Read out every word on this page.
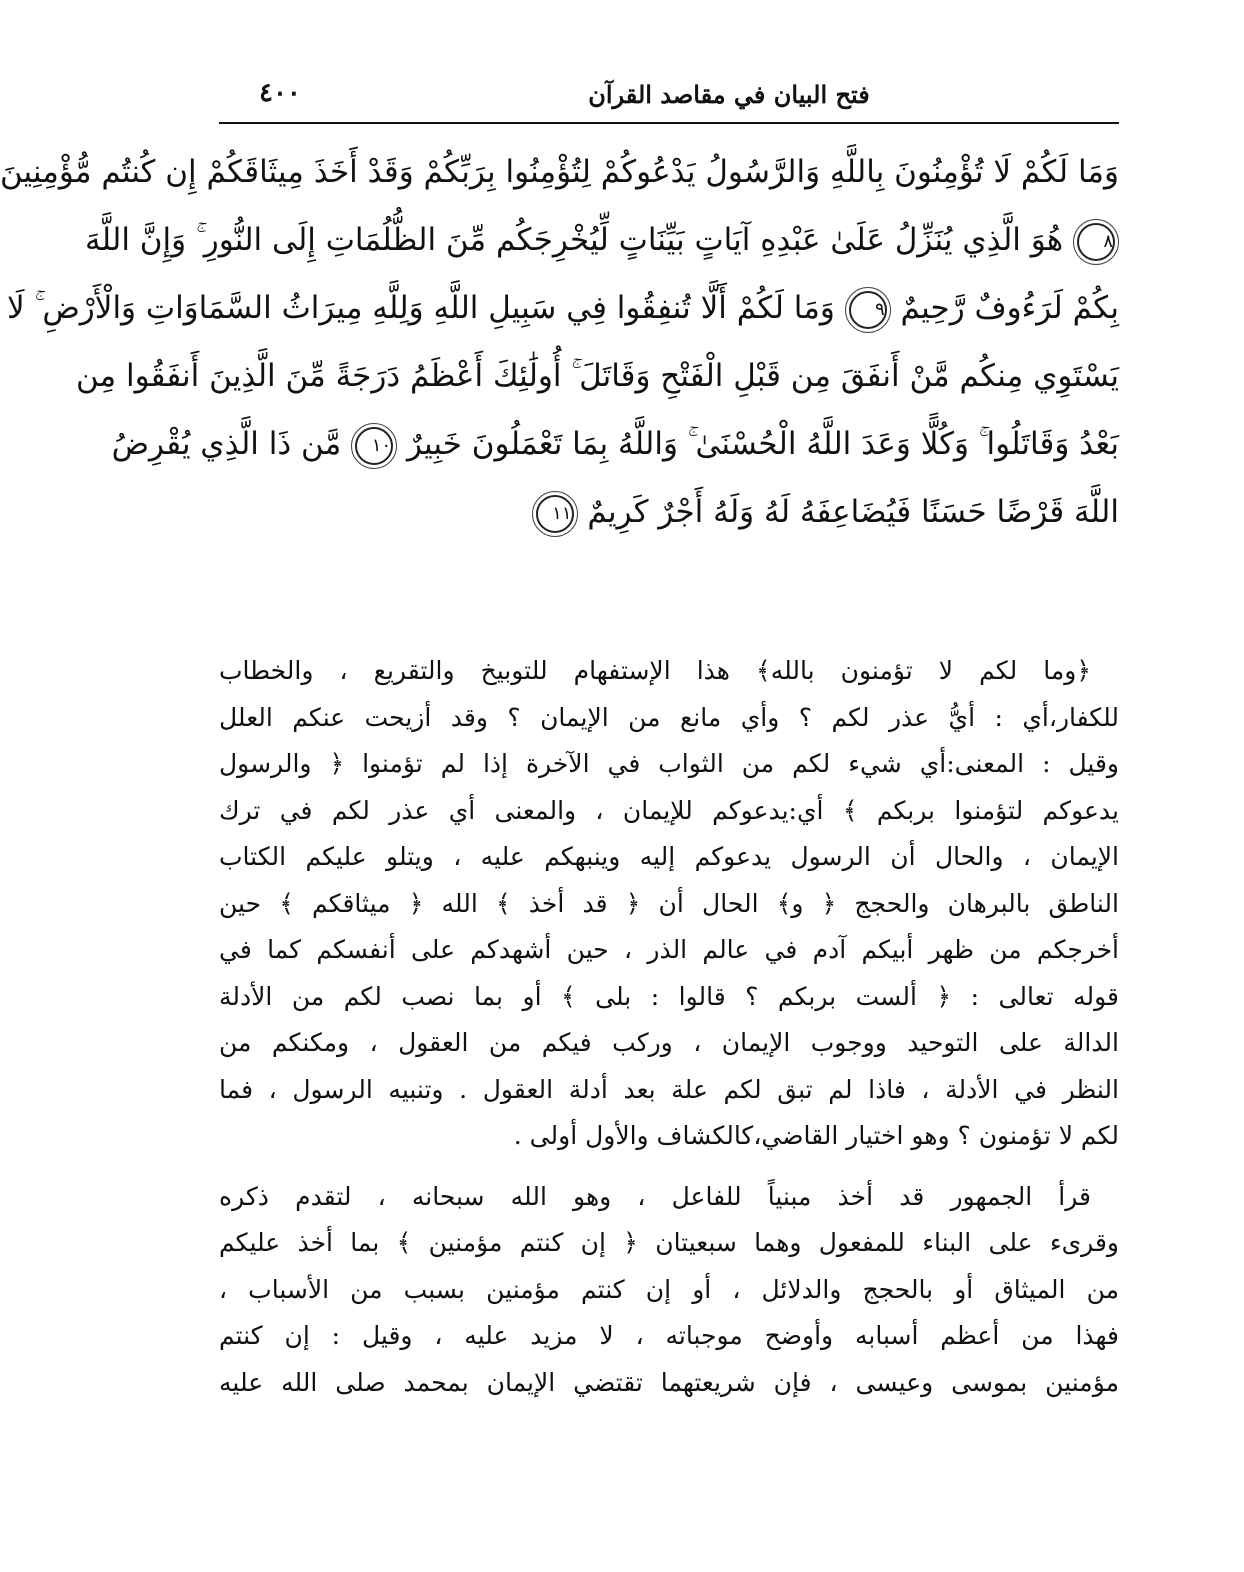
٤٠٠	فتح البيان في مقاصد القرآن
وَمَا لَكُمْ لَا تُؤْمِنُونَ بِاللَّهِ وَالرَّسُولُ يَدْعُوكُمْ لِتُؤْمِنُوا بِرَبِّكُمْ وَقَدْ أَخَذَ مِيثَاقَكُمْ إِن كُنتُم مُّؤْمِنِينَ
٨ هُوَ الَّذِي يُنَزِّلُ عَلَىٰ عَبْدِهِ آيَاتٍ بَيِّنَاتٍ لِّيُخْرِجَكُم مِّنَ الظُّلُمَاتِ إِلَى النُّورِ ۚ وَإِنَّ اللَّهَ
بِكُمْ لَرَءُوفٌ رَّحِيمٌ ٩ وَمَا لَكُمْ أَلَّا تُنفِقُوا فِي سَبِيلِ اللَّهِ وَلِلَّهِ مِيرَاثُ السَّمَاوَاتِ وَالْأَرْضِ ۚ لَا
يَسْتَوِي مِنكُم مَّنْ أَنفَقَ مِن قَبْلِ الْفَتْحِ وَقَاتَلَ ۚ أُولَٰئِكَ أَعْظَمُ دَرَجَةً مِّنَ الَّذِينَ أَنفَقُوا مِن
بَعْدُ وَقَاتَلُوا ۚ وَكُلًّا وَعَدَ اللَّهُ الْحُسْنَىٰ ۚ وَاللَّهُ بِمَا تَعْمَلُونَ خَبِيرٌ ١٠ مَّن ذَا الَّذِي يُقْرِضُ
اللَّهَ قَرْضًا حَسَنًا فَيُضَاعِفَهُ لَهُ وَلَهُ أَجْرٌ كَرِيمٌ ١١
﴿وما لكم لا تؤمنون بالله﴾ هذا الإستفهام للتوبيخ والتقريع ، والخطاب
للكفار،أي : أيُّ عذر لكم ؟ وأي مانع من الإيمان ؟ وقد أزيحت عنكم العلل
وقيل : المعنى:أي شيء لكم من الثواب في الآخرة إذا لم تؤمنوا ﴿ والرسول
يدعوكم لتؤمنوا بربكم ﴾ أي:يدعوكم للإيمان ، والمعنى أي عذر لكم في ترك
الإيمان ، والحال أن الرسول يدعوكم إليه وينبهكم عليه ، ويتلو عليكم الكتاب
الناطق بالبرهان والحجج ﴿ و﴾ الحال أن ﴿ قد أخذ ﴾ الله ﴿ ميثاقكم ﴾ حين
أخرجكم من ظهر أبيكم آدم في عالم الذر ، حين أشهدكم على أنفسكم كما في
قوله تعالى : ﴿ ألست بربكم ؟ قالوا : بلى ﴾ أو بما نصب لكم من الأدلة
الدالة على التوحيد ووجوب الإيمان ، وركب فيكم من العقول ، ومكنكم من
النظر في الأدلة ، فاذا لم تبق لكم علة بعد أدلة العقول . وتنبيه الرسول ، فما
لكم لا تؤمنون ؟ وهو اختيار القاضي،كالكشاف والأول أولى .
قرأ الجمهور قد أخذ مبنياً للفاعل ، وهو الله سبحانه ، لتقدم ذكره
وقرىء على البناء للمفعول وهما سبعيتان ﴿ إن كنتم مؤمنين ﴾ بما أخذ عليكم
من الميثاق أو بالحجج والدلائل ، أو إن كنتم مؤمنين بسبب من الأسباب ،
فهذا من أعظم أسبابه وأوضح موجباته ، لا مزيد عليه ، وقيل : إن كنتم
مؤمنين بموسى وعيسى ، فإن شريعتهما تقتضي الإيمان بمحمد صلى الله عليه
